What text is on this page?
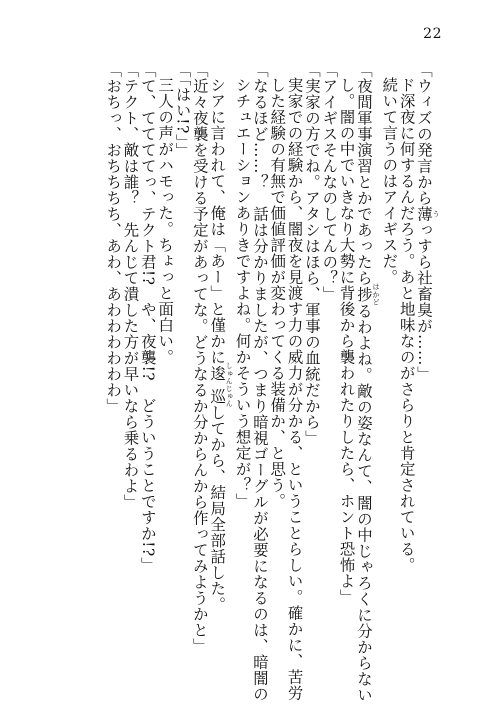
22
「ウィズの発言から薄 うっすら社畜臭が……」
ド深夜に何するんだろう。あと地味なのがさらりと肯定されている。
続いて言うのはアイギスだ。
「夜間軍事演習とかであったら捗 はかどるわよね。敵の姿なんて、闇の中じゃろくに分からない
し。闇の中でいきなり大勢に背後から襲われたりしたら、ホント恐怖よ」
「アイギスそんなのしてんの？」
「実家の方でね。アタシはほら、軍事の血統だから」
実家での経験から、闇夜を見渡す力の威力が分かる、ということらしい。確かに、苦労
した経験の有無で価値評価が変わってくる装備か、と思う。
「なるほど……？　話は分かりましたが、つまり暗視ゴーグルが必要になるのは、暗闇の
シチュエーションありきですよね。何かそういう想定が？」
シアに言われて、俺は「あー」と僅かに逡巡 しゅんじゅんしてから、結局全部話した。
「近々夜襲を受ける予定があってな。どうなるか分からんから作ってみようかと」
「「はい!?」」
三人の声がハモった。ちょっと面白い。
「て、ててててっ、テクト君!?　や、夜襲!?　どういうことですか!?」
「テクト、敵は誰？　先んじて潰した方が早いなら乗るわよ」
「おちっ、おちちちち、あわ、あわわわわわわ」
